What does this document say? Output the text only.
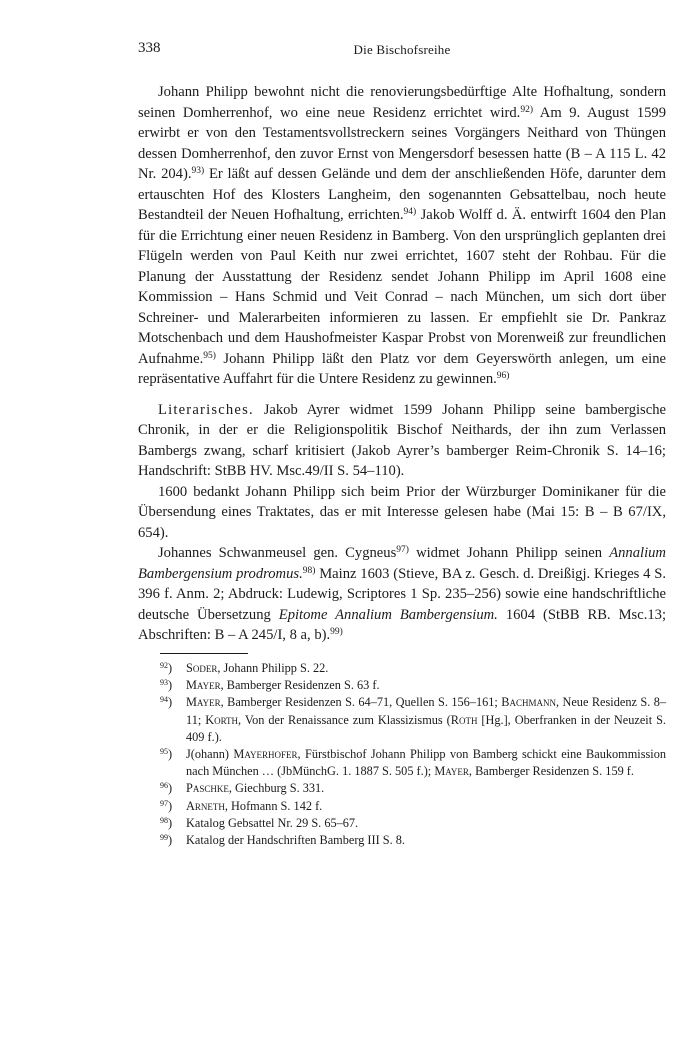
338	Die Bischofsreihe

Johann Philipp bewohnt nicht die renovierungsbedürftige Alte Hofhaltung, sondern seinen Domherrenhof, wo eine neue Residenz errichtet wird.$^{92)}$ Am 9. August 1599 erwirbt er von den Testamentsvollstreckern seines Vorgängers Neithard von Thüngen dessen Domherrenhof, den zuvor Ernst von Mengersdorf besessen hatte (B – A 115 L. 42 Nr. 204).$^{93)}$ Er läßt auf dessen Gelände und dem der anschließenden Höfe, darunter dem ertauschten Hof des Klosters Langheim, den sogenannten Gebsattelbau, noch heute Bestandteil der Neuen Hofhaltung, errichten.$^{94)}$ Jakob Wolff d. Ä. entwirft 1604 den Plan für die Errichtung einer neuen Residenz in Bamberg. Von den ursprünglich geplanten drei Flügeln werden von Paul Keith nur zwei errichtet, 1607 steht der Rohbau. Für die Planung der Ausstattung der Residenz sendet Johann Philipp im April 1608 eine Kommission – Hans Schmid und Veit Conrad – nach München, um sich dort über Schreiner- und Malerarbeiten informieren zu lassen. Er empfiehlt sie Dr. Pankraz Motschenbach und dem Haushofmeister Kaspar Probst von Morenweiß zur freundlichen Aufnahme.$^{95)}$ Johann Philipp läßt den Platz vor dem Geyerswörth anlegen, um eine repräsentative Auffahrt für die Untere Residenz zu gewinnen.$^{96)}$

Literarisches. Jakob Ayrer widmet 1599 Johann Philipp seine bambergische Chronik, in der er die Religionspolitik Bischof Neithards, der ihn zum Verlassen Bambergs zwang, scharf kritisiert (Jakob Ayrer’s bamberger Reim-Chronik S. 14–16; Handschrift: StBB HV. Msc.49/II S. 54–110).

1600 bedankt Johann Philipp sich beim Prior der Würzburger Dominikaner für die Übersendung eines Traktates, das er mit Interesse gelesen habe (Mai 15: B – B 67/IX, 654).

Johannes Schwanmeusel gen. Cygneus$^{97)}$ widmet Johann Philipp seinen Annalium Bambergensium prodromus.$^{98)}$ Mainz 1603 (Stieve, BA z. Gesch. d. Dreißigj. Krieges 4 S. 396 f. Anm. 2; Abdruck: Ludewig, Scriptores 1 Sp. 235–256) sowie eine handschriftliche deutsche Übersetzung Epitome Annalium Bambergensium. 1604 (StBB RB. Msc.13; Abschriften: B – A 245/I, 8 a, b).$^{99)}$

$^{92}$) Soder, Johann Philipp S. 22.
$^{93}$) Mayer, Bamberger Residenzen S. 63 f.
$^{94}$) Mayer, Bamberger Residenzen S. 64–71, Quellen S. 156–161; Bachmann, Neue Residenz S. 8–11; Korth, Von der Renaissance zum Klassizismus (Roth [Hg.], Oberfranken in der Neuzeit S. 409 f.).
$^{95}$) J(ohann) Mayerhofer, Fürstbischof Johann Philipp von Bamberg schickt eine Baukommission nach München … (JbMünchG. 1. 1887 S. 505 f.); Mayer, Bamberger Residenzen S. 159 f.
$^{96}$) Paschke, Giechburg S. 331.
$^{97}$) Arneth, Hofmann S. 142 f.
$^{98}$) Katalog Gebsattel Nr. 29 S. 65–67.
$^{99}$) Katalog der Handschriften Bamberg III S. 8.
